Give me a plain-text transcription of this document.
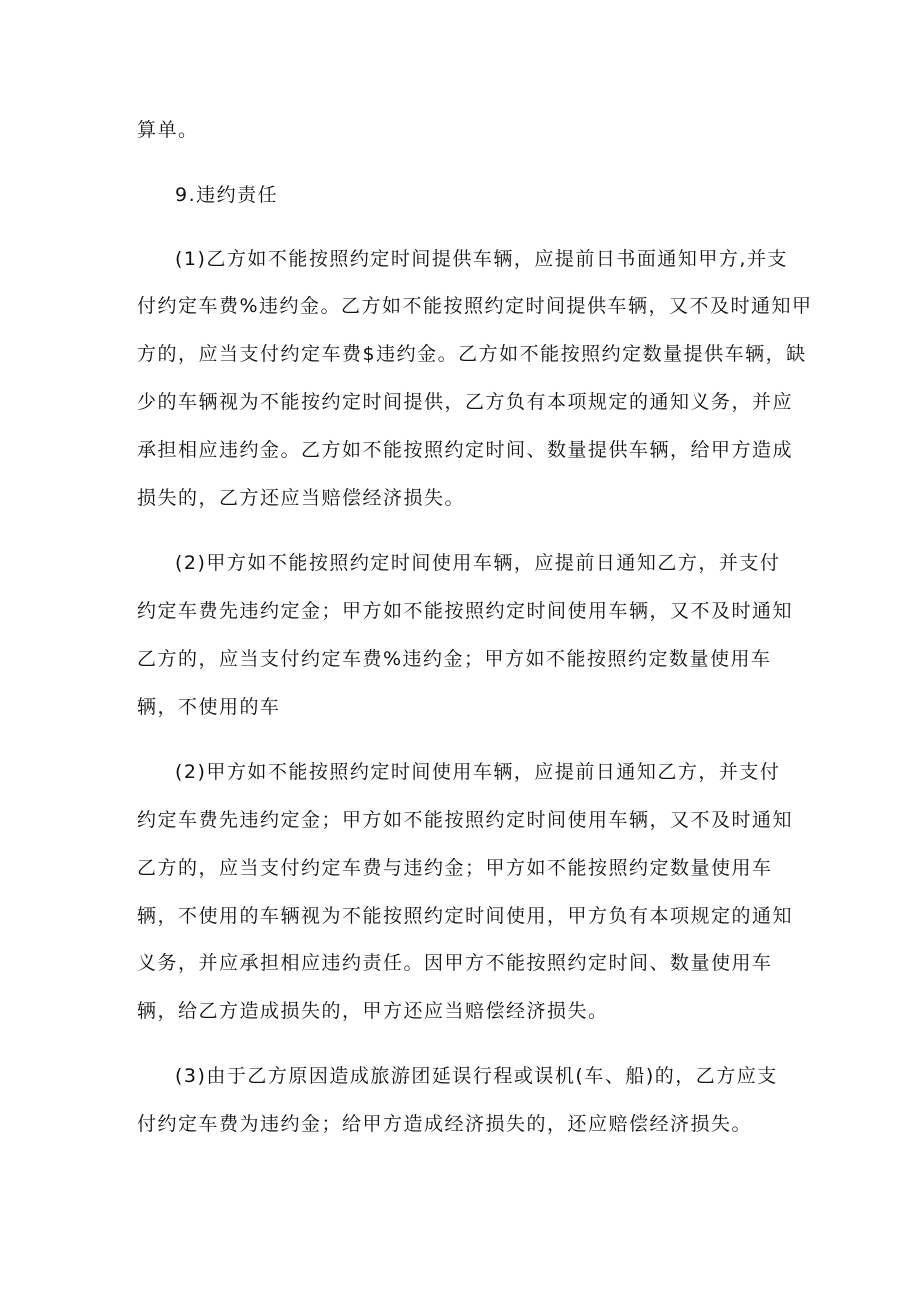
算单。
9.违约责任
(1)乙方如不能按照约定时间提供车辆，应提前日书面通知甲方,并支
付约定车费%违约金。乙方如不能按照约定时间提供车辆，又不及时通知甲
方的，应当支付约定车费$违约金。乙方如不能按照约定数量提供车辆，缺
少的车辆视为不能按约定时间提供，乙方负有本项规定的通知义务，并应
承担相应违约金。乙方如不能按照约定时间、数量提供车辆，给甲方造成
损失的，乙方还应当赔偿经济损失。
(2)甲方如不能按照约定时间使用车辆，应提前日通知乙方，并支付
约定车费先违约定金；甲方如不能按照约定时间使用车辆，又不及时通知
乙方的，应当支付约定车费%违约金；甲方如不能按照约定数量使用车
辆，不使用的车
(2)甲方如不能按照约定时间使用车辆，应提前日通知乙方，并支付
约定车费先违约定金；甲方如不能按照约定时间使用车辆，又不及时通知
乙方的，应当支付约定车费与违约金；甲方如不能按照约定数量使用车
辆，不使用的车辆视为不能按照约定时间使用，甲方负有本项规定的通知
义务，并应承担相应违约责任。因甲方不能按照约定时间、数量使用车
辆，给乙方造成损失的，甲方还应当赔偿经济损失。
(3)由于乙方原因造成旅游团延误行程或误机(车、船)的，乙方应支
付约定车费为违约金；给甲方造成经济损失的，还应赔偿经济损失。
